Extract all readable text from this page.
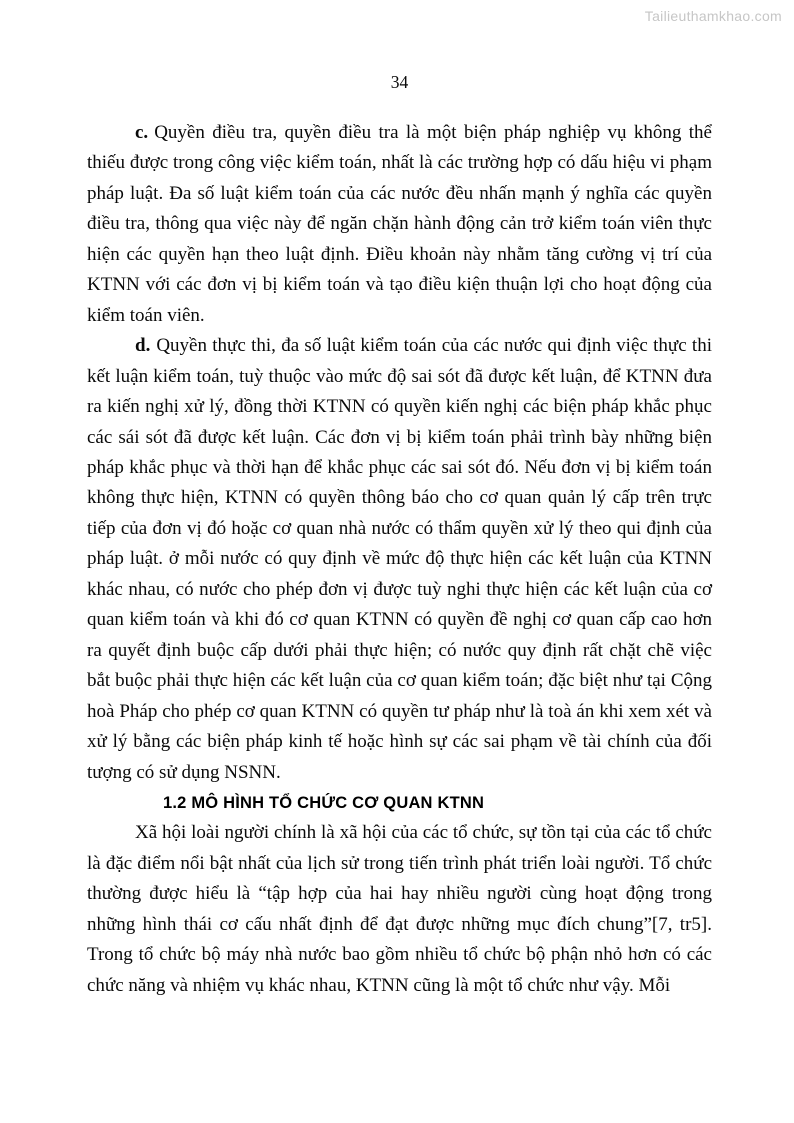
Tailieuthamkhao.com
34

c. Quyền điều tra, quyền điều tra là một biện pháp nghiệp vụ không thể thiếu được trong công việc kiểm toán, nhất là các trường hợp có dấu hiệu vi phạm pháp luật. Đa số luật kiểm toán của các nước đều nhấn mạnh ý nghĩa các quyền điều tra, thông qua việc này để ngăn chặn hành động cản trở kiểm toán viên thực hiện các quyền hạn theo luật định. Điều khoản này nhằm tăng cường vị trí của KTNN với các đơn vị bị kiểm toán và tạo điều kiện thuận lợi cho hoạt động của kiểm toán viên.

d. Quyền thực thi, đa số luật kiểm toán của các nước qui định việc thực thi kết luận kiểm toán, tuỳ thuộc vào mức độ sai sót đã được kết luận, để KTNN đưa ra kiến nghị xử lý, đồng thời KTNN có quyền kiến nghị các biện pháp khắc phục các sái sót đã được kết luận. Các đơn vị bị kiểm toán phải trình bày những biện pháp khắc phục và thời hạn để khắc phục các sai sót đó. Nếu đơn vị bị kiểm toán không thực hiện, KTNN có quyền thông báo cho cơ quan quản lý cấp trên trực tiếp của đơn vị đó hoặc cơ quan nhà nước có thẩm quyền xử lý theo qui định của pháp luật. ở mỗi nước có quy định về mức độ thực hiện các kết luận của KTNN khác nhau, có nước cho phép đơn vị được tuỳ nghi thực hiện các kết luận của cơ quan kiểm toán và khi đó cơ quan KTNN có quyền đề nghị cơ quan cấp cao hơn ra quyết định buộc cấp dưới phải thực hiện; có nước quy định rất chặt chẽ việc bắt buộc phải thực hiện các kết luận của cơ quan kiểm toán; đặc biệt như tại Cộng hoà Pháp cho phép cơ quan KTNN có quyền tư pháp như là toà án khi xem xét và xử lý bằng các biện pháp kinh tế hoặc hình sự các sai phạm về tài chính của đối tượng có sử dụng NSNN.

1.2 MÔ HÌNH TỔ CHỨC CƠ QUAN KTNN

Xã hội loài người chính là xã hội của các tổ chức, sự tồn tại của các tổ chức là đặc điểm nổi bật nhất của lịch sử trong tiến trình phát triển loài người. Tổ chức thường được hiểu là “tập hợp của hai hay nhiều người cùng hoạt động trong những hình thái cơ cấu nhất định để đạt được những mục đích chung”[7, tr5]. Trong tổ chức bộ máy nhà nước bao gồm nhiều tổ chức bộ phận nhỏ hơn có các chức năng và nhiệm vụ khác nhau, KTNN cũng là một tổ chức như vậy. Mỗi
